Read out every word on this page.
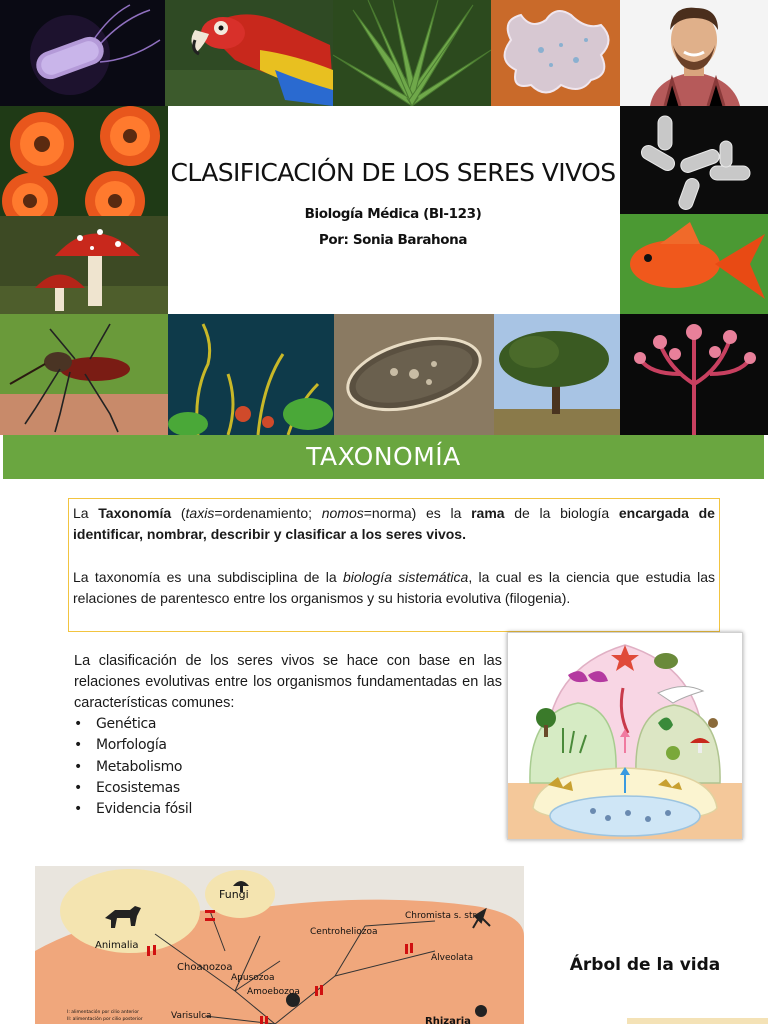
CLASIFICACIÓN DE LOS SERES VIVOS
Biología Médica (BI-123)
Por: Sonia Barahona
TAXONOMÍA

La Taxonomía (taxis=ordenamiento; nomos=norma) es la rama de la biología encargada de identificar, nombrar, describir y clasificar a los seres vivos.

La taxonomía es una subdisciplina de la biología sistemática, la cual es la ciencia que estudia las relaciones de parentesco entre los organismos y su historia evolutiva (filogenia).

La clasificación de los seres vivos se hace con base en las relaciones evolutivas entre los organismos fundamentadas en las características comunes:

• Genética
• Morfología
• Metabolismo
• Ecosistemas
• Evidencia fósil
Fungi
Animalia
Choanozoa
Apusozoa
Amoebozoa
Varisulca
Centroheliozoa
Chromista s. str.
Alveolata
Rhizaria
I: alimentación por cilio anterior
II: alimentación por cilio posterior
Árbol de la vida
